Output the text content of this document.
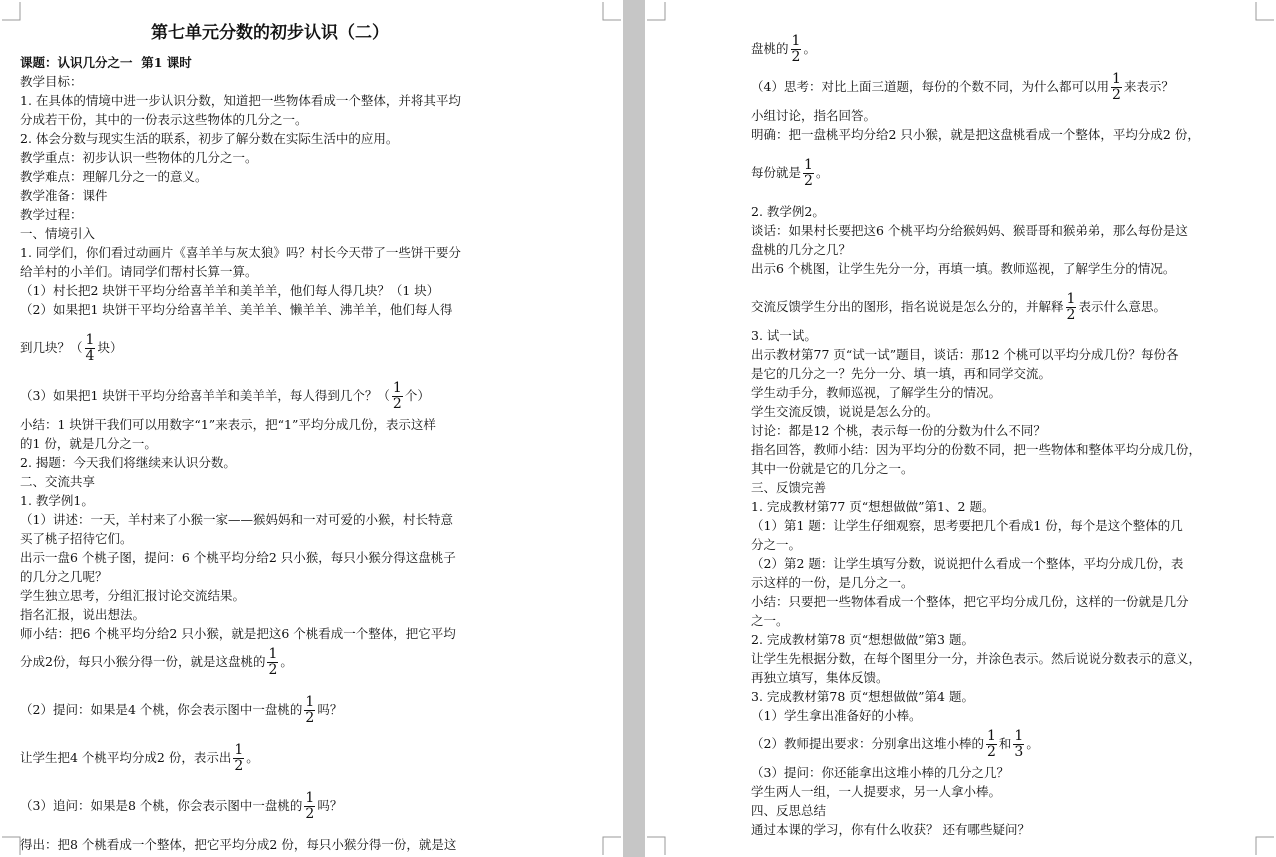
第七单元分数的初步认识（二）

课题：认识几分之一  第1 课时

教学目标：

1. 在具体的情境中进一步认识分数，知道把一些物体看成一个整体，并将其平均

分成若干份，其中的一份表示这些物体的几分之一。

2. 体会分数与现实生活的联系，初步了解分数在实际生活中的应用。

教学重点：初步认识一些物体的几分之一。

教学难点：理解几分之一的意义。

教学准备：课件

教学过程：

一、情境引入

1. 同学们，你们看过动画片《喜羊羊与灰太狼》吗？村长今天带了一些饼干要分

给羊村的小羊们。请同学们帮村长算一算。

（1）村长把2 块饼干平均分给喜羊羊和美羊羊，他们每人得几块？（1 块）

（2）如果把1 块饼干平均分给喜羊羊、美羊羊、懒羊羊、沸羊羊，他们每人得

到几块？（ $\frac{1}{4}$ 块）

（3）如果把1 块饼干平均分给喜羊羊和美羊羊，每人得到几个？（ $\frac{1}{2}$ 个）

小结：1 块饼干我们可以用数字“1”来表示，把“1”平均分成几份，表示这样

的1 份，就是几分之一。

2. 揭题：今天我们将继续来认识分数。

二、交流共享

1. 教学例1。

（1）讲述：一天，羊村来了小猴一家——猴妈妈和一对可爱的小猴，村长特意

买了桃子招待它们。

出示一盘6 个桃子图，提问：6 个桃平均分给2 只小猴，每只小猴分得这盘桃子

的几分之几呢？

学生独立思考，分组汇报讨论交流结果。

指名汇报，说出想法。

师小结：把6 个桃平均分给2 只小猴，就是把这6 个桃看成一个整体，把它平均

分成2份，每只小猴分得一份，就是这盘桃的 $\frac{1}{2}$ 。

（2）提问：如果是4 个桃，你会表示图中一盘桃的 $\frac{1}{2}$ 吗？

让学生把4 个桃平均分成2 份，表示出 $\frac{1}{2}$ 。

（3）追问：如果是8 个桃，你会表示图中一盘桃的 $\frac{1}{2}$ 吗？

得出：把8 个桃看成一个整体，把它平均分成2 份，每只小猴分得一份，就是这

盘桃的 $\frac{1}{2}$ 。

（4）思考：对比上面三道题，每份的个数不同，为什么都可以用 $\frac{1}{2}$ 来表示？

小组讨论，指名回答。

明确：把一盘桃平均分给2 只小猴，就是把这盘桃看成一个整体，平均分成2 份，

每份就是 $\frac{1}{2}$ 。

2. 教学例2。

谈话：如果村长要把这6 个桃平均分给猴妈妈、猴哥哥和猴弟弟，那么每份是这

盘桃的几分之几？

出示6 个桃图，让学生先分一分，再填一填。教师巡视，了解学生分的情况。

交流反馈学生分出的图形，指名说说是怎么分的，并解释 $\frac{1}{2}$ 表示什么意思。

3. 试一试。

出示教材第77 页“试一试”题目，谈话：那12 个桃可以平均分成几份？每份各

是它的几分之一？先分一分、填一填，再和同学交流。

学生动手分，教师巡视，了解学生分的情况。

学生交流反馈，说说是怎么分的。

讨论：都是12 个桃，表示每一份的分数为什么不同？

指名回答，教师小结：因为平均分的份数不同，把一些物体和整体平均分成几份，

其中一份就是它的几分之一。

三、反馈完善

1. 完成教材第77 页“想想做做”第1、2 题。

（1）第1 题：让学生仔细观察，思考要把几个看成1 份，每个是这个整体的几

分之一。

（2）第2 题：让学生填写分数，说说把什么看成一个整体，平均分成几份，表

示这样的一份，是几分之一。

小结：只要把一些物体看成一个整体，把它平均分成几份，这样的一份就是几分

之一。

2. 完成教材第78 页“想想做做”第3 题。

让学生先根据分数，在每个图里分一分，并涂色表示。然后说说分数表示的意义，

再独立填写，集体反馈。

3. 完成教材第78 页“想想做做”第4 题。

（1）学生拿出准备好的小棒。

（2）教师提出要求：分别拿出这堆小棒的 $\frac{1}{2}$ 和 $\frac{1}{3}$ 。

（3）提问：你还能拿出这堆小棒的几分之几？

学生两人一组，一人提要求，另一人拿小棒。

四、反思总结

通过本课的学习，你有什么收获？ 还有哪些疑问？
